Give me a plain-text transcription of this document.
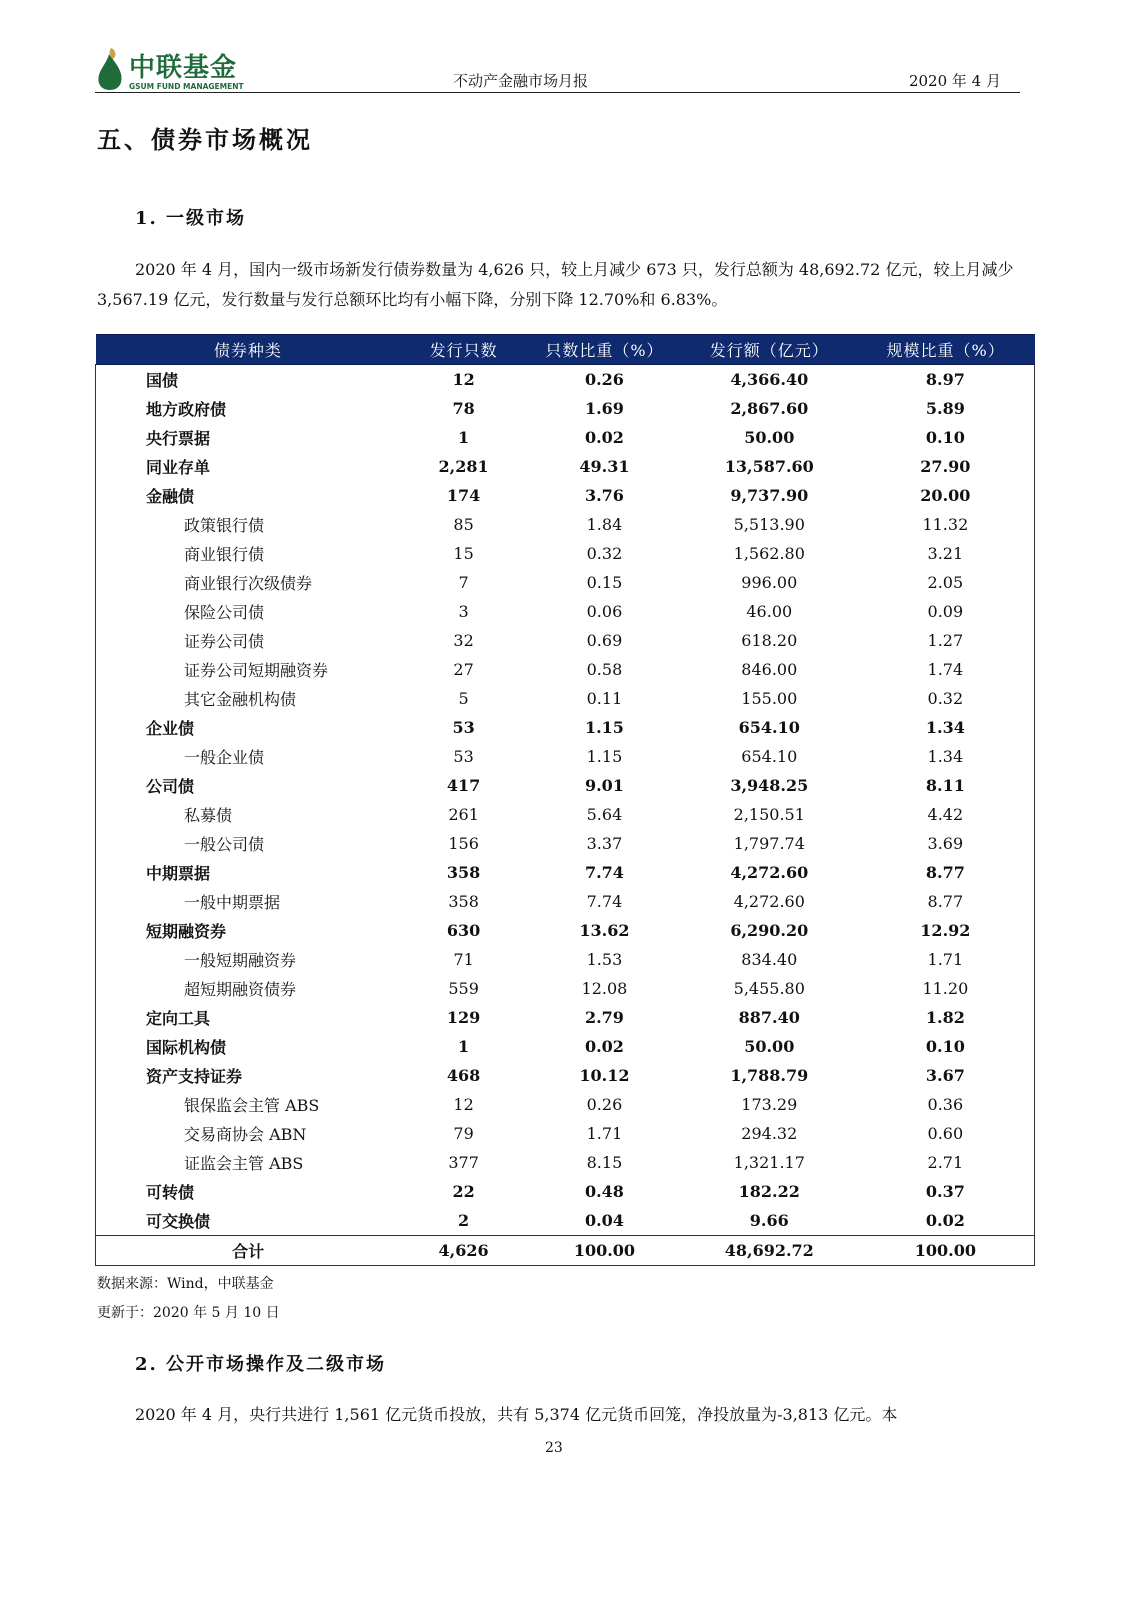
中联基金
GSUM FUND MANAGEMENT	不动产金融市场月报	2020 年 4 月
五、债券市场概况
1. 一级市场
2020 年 4 月，国内一级市场新发行债券数量为 4,626 只，较上月减少 673 只，发行总额为 48,692.72 亿元，较上月减少 3,567.19 亿元，发行数量与发行总额环比均有小幅下降，分别下降 12.70%和 6.83%。
债券种类	发行只数	只数比重（%）	发行额（亿元）	规模比重（%）
国债	12	0.26	4,366.40	8.97
地方政府债	78	1.69	2,867.60	5.89
央行票据	1	0.02	50.00	0.10
同业存单	2,281	49.31	13,587.60	27.90
金融债	174	3.76	9,737.90	20.00
政策银行债	85	1.84	5,513.90	11.32
商业银行债	15	0.32	1,562.80	3.21
商业银行次级债券	7	0.15	996.00	2.05
保险公司债	3	0.06	46.00	0.09
证券公司债	32	0.69	618.20	1.27
证券公司短期融资券	27	0.58	846.00	1.74
其它金融机构债	5	0.11	155.00	0.32
企业债	53	1.15	654.10	1.34
一般企业债	53	1.15	654.10	1.34
公司债	417	9.01	3,948.25	8.11
私募债	261	5.64	2,150.51	4.42
一般公司债	156	3.37	1,797.74	3.69
中期票据	358	7.74	4,272.60	8.77
一般中期票据	358	7.74	4,272.60	8.77
短期融资券	630	13.62	6,290.20	12.92
一般短期融资券	71	1.53	834.40	1.71
超短期融资债券	559	12.08	5,455.80	11.20
定向工具	129	2.79	887.40	1.82
国际机构债	1	0.02	50.00	0.10
资产支持证券	468	10.12	1,788.79	3.67
银保监会主管 ABS	12	0.26	173.29	0.36
交易商协会 ABN	79	1.71	294.32	0.60
证监会主管 ABS	377	8.15	1,321.17	2.71
可转债	22	0.48	182.22	0.37
可交换债	2	0.04	9.66	0.02
合计	4,626	100.00	48,692.72	100.00
数据来源：Wind，中联基金
更新于：2020 年 5 月 10 日
2. 公开市场操作及二级市场
2020 年 4 月，央行共进行 1,561 亿元货币投放，共有 5,374 亿元货币回笼，净投放量为-3,813 亿元。本
23
